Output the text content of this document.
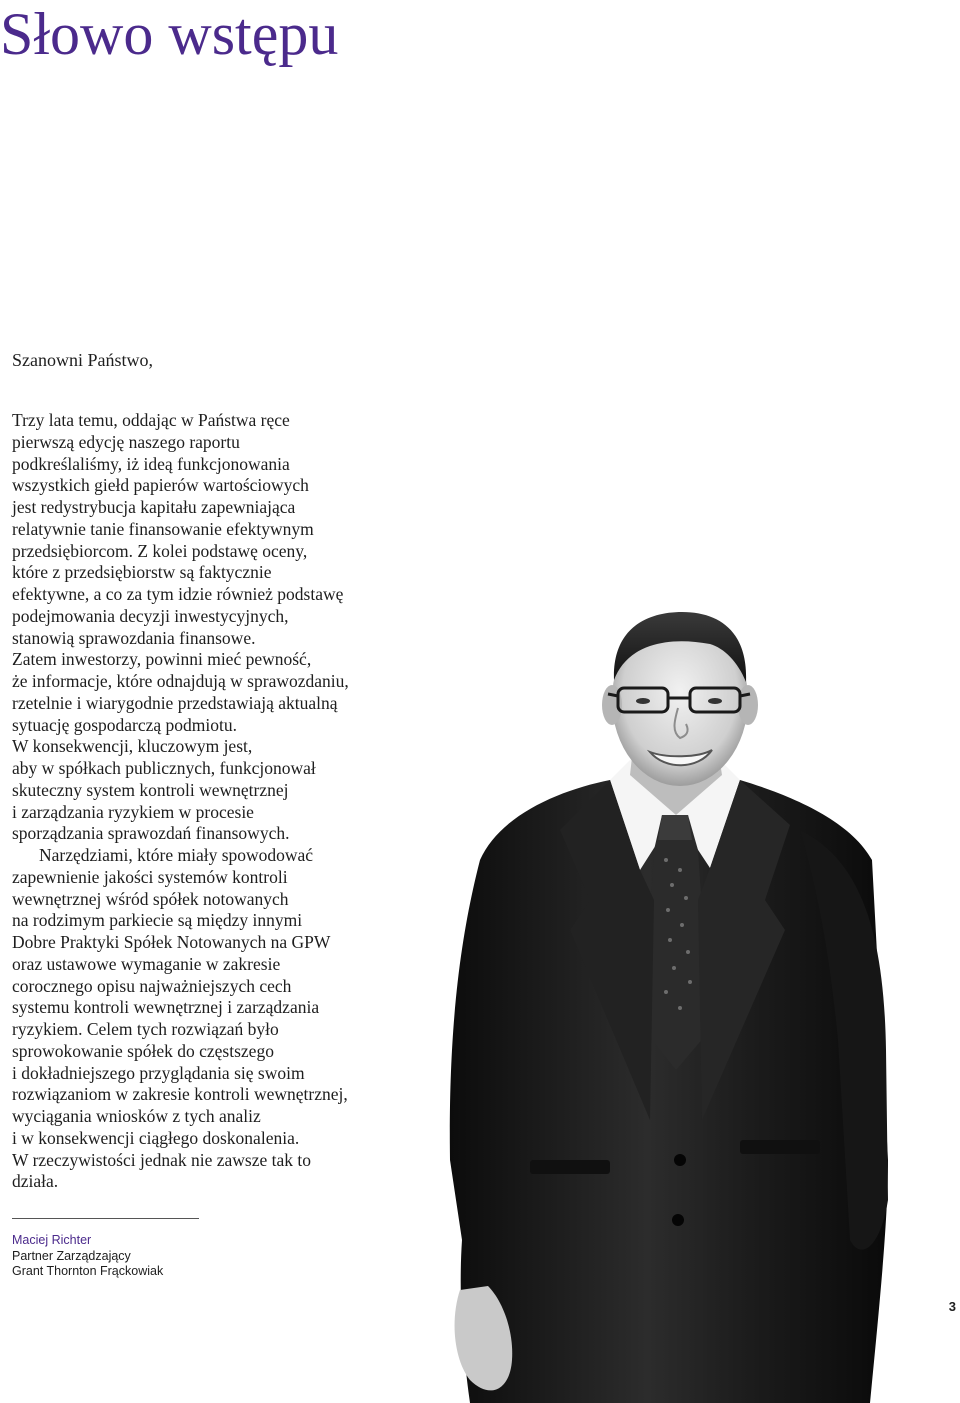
Słowo wstępu

Szanowni Państwo,

Trzy lata temu, oddając w Państwa ręce
pierwszą edycję naszego raportu
podkreślaliśmy, iż ideą funkcjonowania
wszystkich giełd papierów wartościowych
jest redystrybucja kapitału zapewniająca
relatywnie tanie finansowanie efektywnym
przedsiębiorcom. Z kolei podstawę oceny,
które z przedsiębiorstw są faktycznie
efektywne, a co za tym idzie również podstawę
podejmowania decyzji inwestycyjnych,
stanowią sprawozdania finansowe.
Zatem inwestorzy, powinni mieć pewność,
że informacje, które odnajdują w sprawozdaniu,
rzetelnie i wiarygodnie przedstawiają aktualną
sytuację gospodarczą podmiotu.
W konsekwencji, kluczowym jest,
aby w spółkach publicznych, funkcjonował
skuteczny system kontroli wewnętrznej
i zarządzania ryzykiem w procesie
sporządzania sprawozdań finansowych.
Narzędziami, które miały spowodować
zapewnienie jakości systemów kontroli
wewnętrznej wśród spółek notowanych
na rodzimym parkiecie są między innymi
Dobre Praktyki Spółek Notowanych na GPW
oraz ustawowe wymaganie w zakresie
corocznego opisu najważniejszych cech
systemu kontroli wewnętrznej i zarządzania
ryzykiem. Celem tych rozwiązań było
sprowokowanie spółek do częstszego
i dokładniejszego przyglądania się swoim
rozwiązaniom w zakresie kontroli wewnętrznej,
wyciągania wniosków z tych analiz
i w konsekwencji ciągłego doskonalenia.
W rzeczywistości jednak nie zawsze tak to
działa.
Maciej Richter
Partner Zarządzający
Grant Thornton Frąckowiak
3
